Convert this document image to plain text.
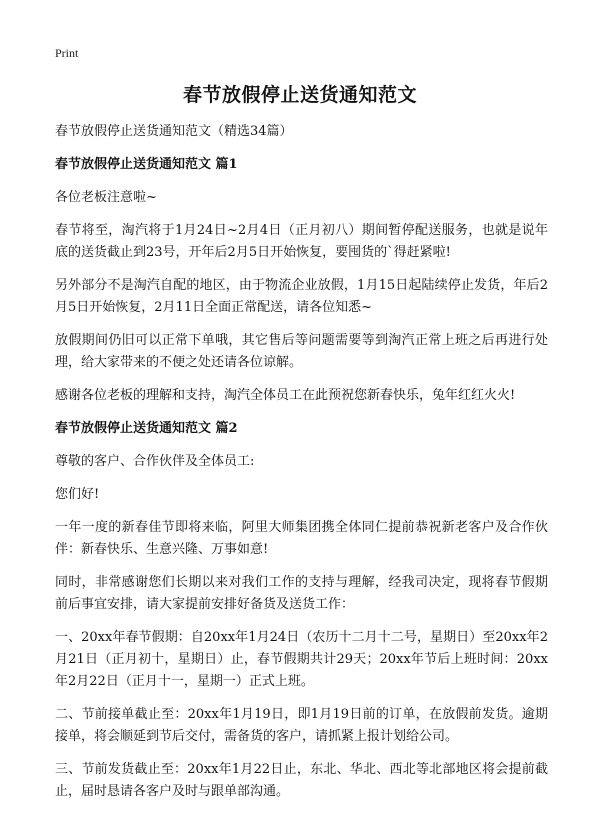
Print
春节放假停止送货通知范文

春节放假停止送货通知范文（精选34篇）

春节放假停止送货通知范文 篇1

各位老板注意啦~

春节将至，淘汽将于1月24日~2月4日（正月初八）期间暂停配送服务，也就是说年底的送货截止到23号，开年后2月5日开始恢复，要囤货的`得赶紧啦!

另外部分不是淘汽自配的地区，由于物流企业放假，1月15日起陆续停止发货，年后2月5日开始恢复，2月11日全面正常配送，请各位知悉~

放假期间仍旧可以正常下单哦，其它售后等问题需要等到淘汽正常上班之后再进行处理，给大家带来的不便之处还请各位谅解。

感谢各位老板的理解和支持，淘汽全体员工在此预祝您新春快乐，兔年红红火火!

春节放假停止送货通知范文 篇2

尊敬的客户、合作伙伴及全体员工:

您们好!

一年一度的新春佳节即将来临，阿里大师集团携全体同仁提前恭祝新老客户及合作伙伴：新春快乐、生意兴隆、万事如意!

同时，非常感谢您们长期以来对我们工作的支持与理解，经我司决定，现将春节假期前后事宜安排，请大家提前安排好备货及送货工作：

一、20xx年春节假期：自20xx年1月24日（农历十二月十二号，星期日）至20xx年2月21日（正月初十，星期日）止，春节假期共计29天；20xx年节后上班时间：20xx年2月22日（正月十一，星期一）正式上班。

二、节前接单截止至：20xx年1月19日，即1月19日前的订单，在放假前发货。逾期接单，将会顺延到节后交付，需备货的客户，请抓紧上报计划给公司。

三、节前发货截止至：20xx年1月22日止，东北、华北、西北等北部地区将会提前截止，届时恳请各客户及时与跟单部沟通。
